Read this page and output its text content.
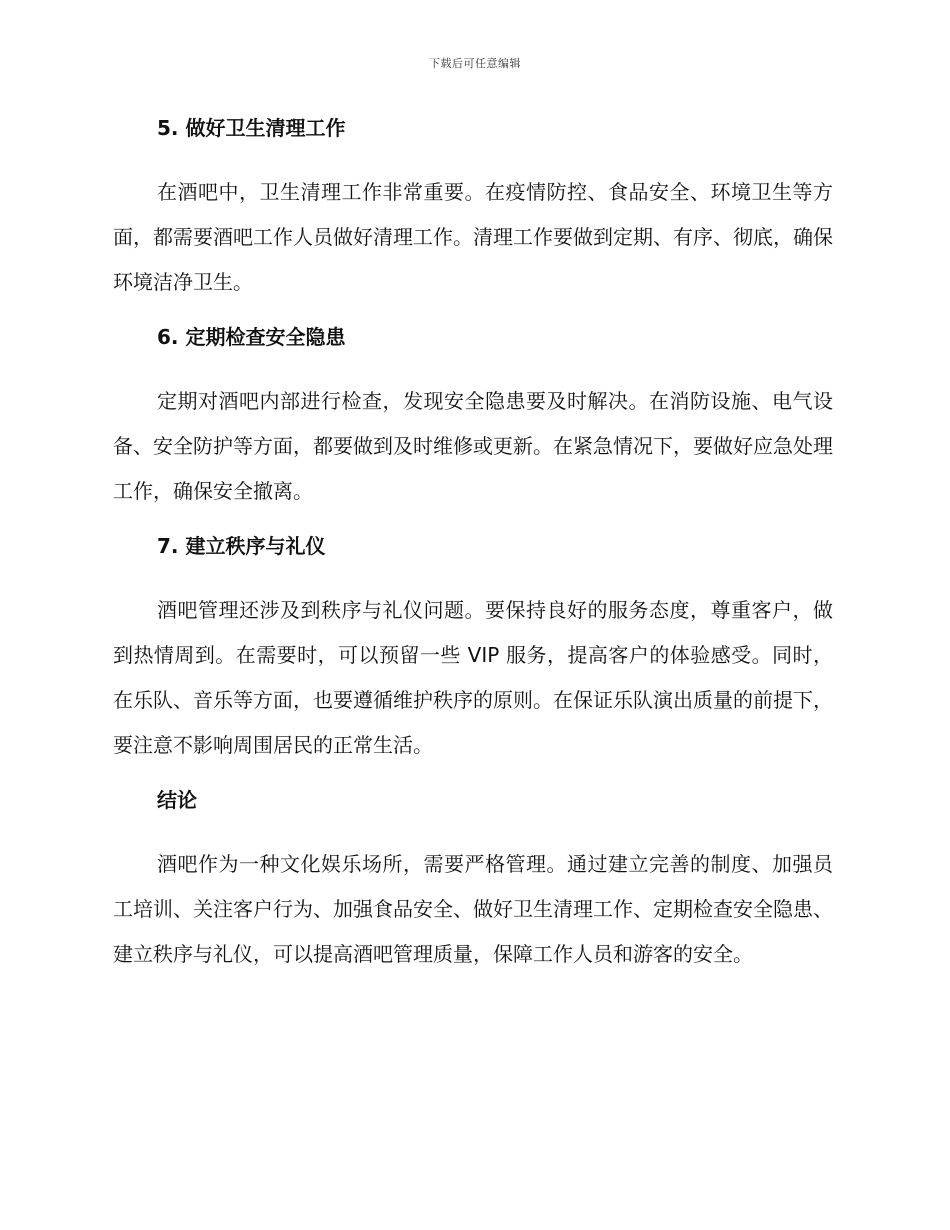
下载后可任意编辑
5. 做好卫生清理工作

在酒吧中，卫生清理工作非常重要。在疫情防控、食品安全、环境卫生等方面，都需要酒吧工作人员做好清理工作。清理工作要做到定期、有序、彻底，确保环境洁净卫生。

6. 定期检查安全隐患

定期对酒吧内部进行检查，发现安全隐患要及时解决。在消防设施、电气设备、安全防护等方面，都要做到及时维修或更新。在紧急情况下，要做好应急处理工作，确保安全撤离。

7. 建立秩序与礼仪

酒吧管理还涉及到秩序与礼仪问题。要保持良好的服务态度，尊重客户，做到热情周到。在需要时，可以预留一些 VIP 服务，提高客户的体验感受。同时，在乐队、音乐等方面，也要遵循维护秩序的原则。在保证乐队演出质量的前提下，要注意不影响周围居民的正常生活。

结论

酒吧作为一种文化娱乐场所，需要严格管理。通过建立完善的制度、加强员工培训、关注客户行为、加强食品安全、做好卫生清理工作、定期检查安全隐患、建立秩序与礼仪，可以提高酒吧管理质量，保障工作人员和游客的安全。
